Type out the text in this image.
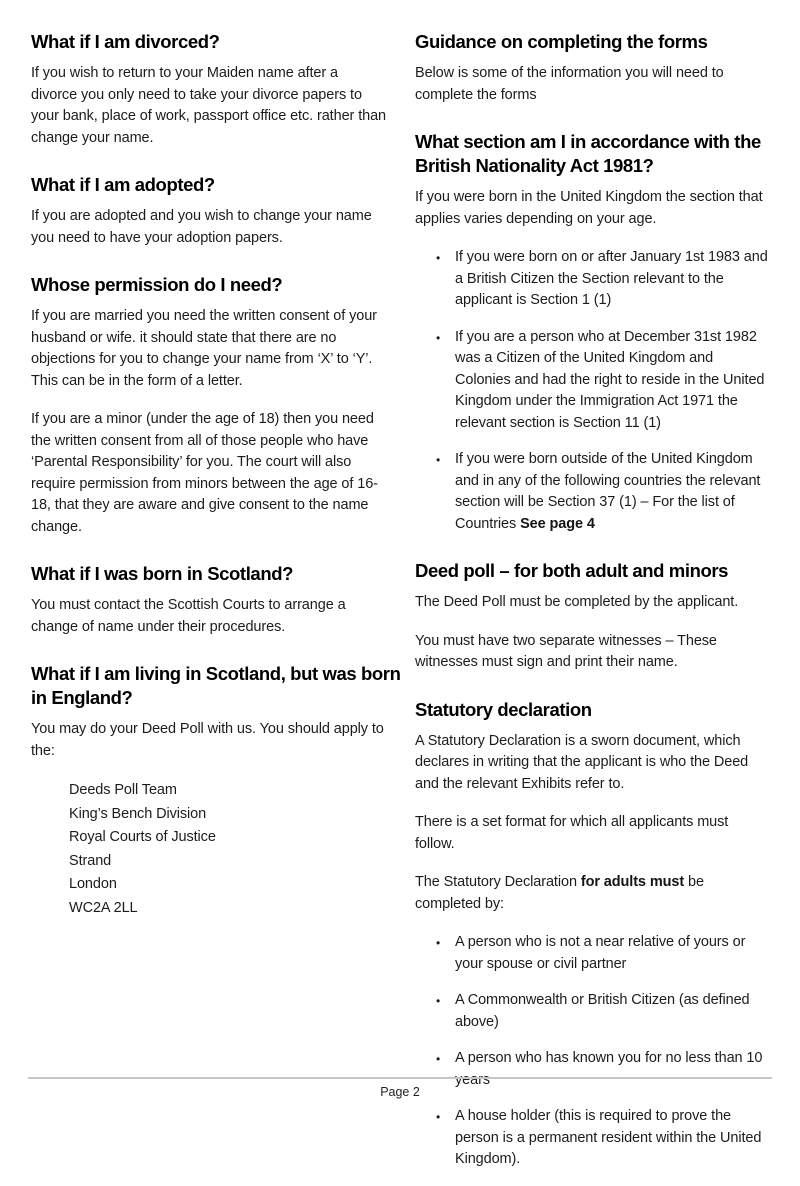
What if I am divorced?

If you wish to return to your Maiden name after a divorce you only need to take your divorce papers to your bank, place of work, passport office etc. rather than change your name.

What if I am adopted?

If you are adopted and you wish to change your name you need to have your adoption papers.

Whose permission do I need?

If you are married you need the written consent of your husband or wife. it should state that there are no objections for you to change your name from ‘X’ to ‘Y’. This can be in the form of a letter.

If you are a minor (under the age of 18) then you need the written consent from all of those people who have ‘Parental Responsibility’ for you. The court will also require permission from minors between the age of 16-18, that they are aware and give consent to the name change.

What if I was born in Scotland?

You must contact the Scottish Courts to arrange a change of name under their procedures.

What if I am living in Scotland, but was born in England?

You may do your Deed Poll with us. You should apply to the:

Deeds Poll Team
King’s Bench Division
Royal Courts of Justice
Strand
London
WC2A 2LL
Guidance on completing the forms

Below is some of the information you will need to complete the forms

What section am I in accordance with the British Nationality Act 1981?

If you were born in the United Kingdom the section that applies varies depending on your age.

• If you were born on or after January 1st 1983 and a British Citizen the Section relevant to the applicant is Section 1 (1)
• If you are a person who at December 31st 1982 was a Citizen of the United Kingdom and Colonies and had the right to reside in the United Kingdom under the Immigration Act 1971 the relevant section is Section 11 (1)
• If you were born outside of the United Kingdom and in any of the following countries the relevant section will be Section 37 (1) – For the list of Countries See page 4
Deed poll – for both adult and minors

The Deed Poll must be completed by the applicant.

You must have two separate witnesses – These witnesses must sign and print their name.

Statutory declaration

A Statutory Declaration is a sworn document, which declares in writing that the applicant is who the Deed and the relevant Exhibits refer to.

There is a set format for which all applicants must follow.

The Statutory Declaration for adults must be completed by:

• A person who is not a near relative of yours or your spouse or civil partner
• A Commonwealth or British Citizen (as defined above)
• A person who has known you for no less than 10 years
• A house holder (this is required to prove the person is a permanent resident within the United Kingdom).
Page 2
